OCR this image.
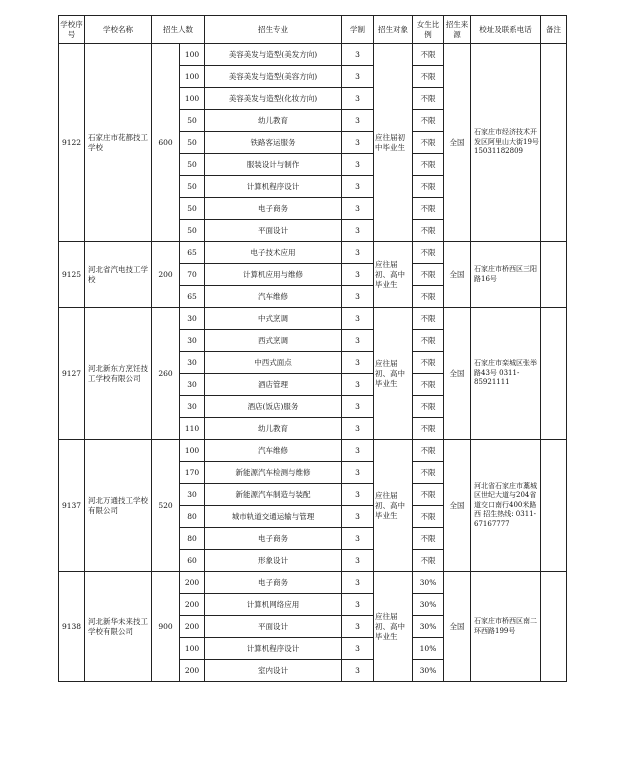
学校序号	学校名称	招生人数		招生专业	学制	招生对象	女生比例	招生来源	校址及联系电话	备注
9122	石家庄市花都技工学校	600	100	美容美发与造型(美发方向)	3	应往届初中毕业生	不限	全国	石家庄市经济技术开发区阿里山大街19号 15031182809	
			100	美容美发与造型(美容方向)	3		不限			
			100	美容美发与造型(化妆方向)	3		不限			
			50	幼儿教育	3		不限			
			50	铁路客运服务	3		不限			
			50	服装设计与制作	3		不限			
			50	计算机程序设计	3		不限			
			50	电子商务	3		不限			
			50	平面设计	3		不限			
9125	河北省汽电技工学校	200	65	电子技术应用	3	应往届初、高中毕业生	不限	全国	石家庄市桥西区三阳路16号	
			70	计算机应用与维修	3		不限			
			65	汽车维修	3		不限			
9127	河北新东方烹饪技工学校有限公司	260	30	中式烹调	3	应往届初、高中毕业生	不限	全国	石家庄市栾城区张举路43号 0311-85921111	
			30	西式烹调	3		不限			
			30	中西式面点	3		不限			
			30	酒店管理	3		不限			
			30	酒店(饭店)服务	3		不限			
			110	幼儿教育	3		不限			
9137	河北万通技工学校有限公司	520	100	汽车维修	3	应往届初、高中毕业生	不限	全国	河北省石家庄市藁城区世纪大道与204省道交口南行400米路西 招生热线: 0311-67167777	
			170	新能源汽车检测与维修	3		不限			
			30	新能源汽车制造与装配	3		不限			
			80	城市轨道交通运输与管理	3		不限			
			80	电子商务	3		不限			
			60	形象设计	3		不限			
9138	河北新华未来技工学校有限公司	900	200	电子商务	3	应往届初、高中毕业生	30%	全国	石家庄市桥西区南二环西路199号	
			200	计算机网络应用	3		30%			
			200	平面设计	3		30%			
			100	计算机程序设计	3		10%			
			200	室内设计	3		30%			
